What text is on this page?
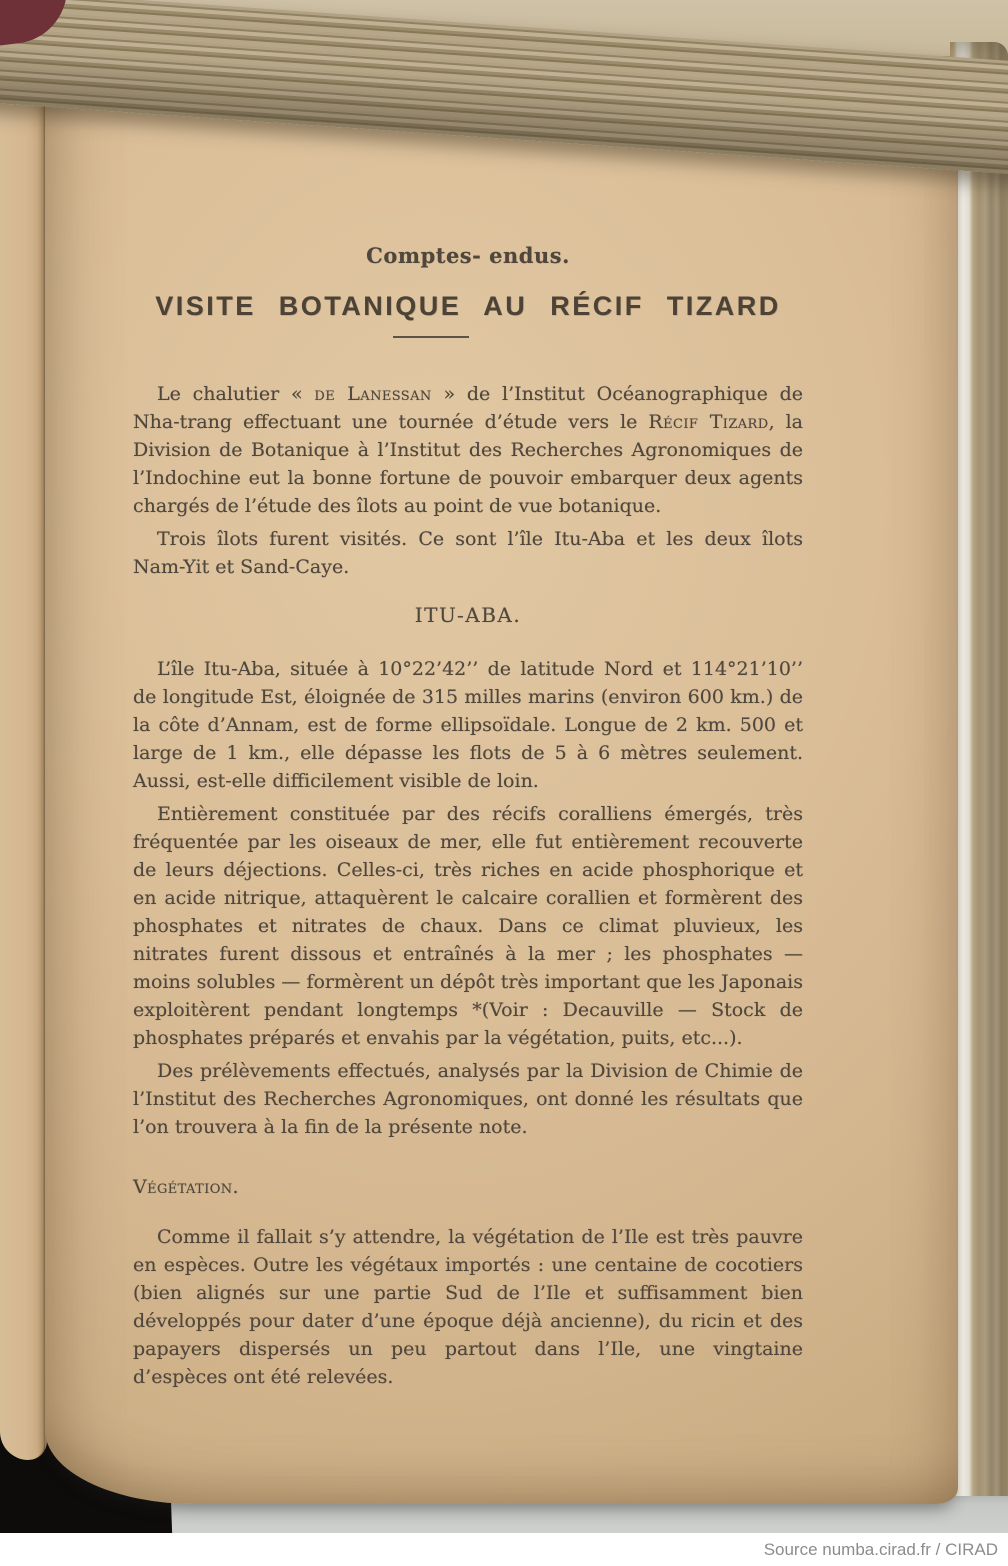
Comptes- endus.
VISITE BOTANIQUE AU RÉCIF TIZARD

Le chalutier « de Lanessan » de l’Institut Océanographique de Nha-trang effectuant une tournée d’étude vers le Récif Tizard, la Division de Botanique à l’Institut des Recherches Agronomiques de l’Indochine eut la bonne fortune de pouvoir embarquer deux agents chargés de l’étude des îlots au point de vue botanique.

Trois îlots furent visités. Ce sont l’île Itu-Aba et les deux îlots Nam-Yit et Sand-Caye.

ITU-ABA.

L’île Itu-Aba, située à 10°22’42’’ de latitude Nord et 114°21’10’’ de longitude Est, éloignée de 315 milles marins (environ 600 km.) de la côte d’Annam, est de forme ellipsoïdale. Longue de 2 km. 500 et large de 1 km., elle dépasse les flots de 5 à 6 mètres seulement. Aussi, est-elle difficilement visible de loin.

Entièrement constituée par des récifs coralliens émergés, très fréquentée par les oiseaux de mer, elle fut entièrement recouverte de leurs déjections. Celles-ci, très riches en acide phosphorique et en acide nitrique, attaquèrent le calcaire corallien et formèrent des phosphates et nitrates de chaux. Dans ce climat pluvieux, les nitrates furent dissous et entraînés à la mer ; les phosphates — moins solubles — formèrent un dépôt très important que les Japonais exploitèrent pendant longtemps *(Voir : Decauville — Stock de phosphates préparés et envahis par la végétation, puits, etc...).

Des prélèvements effectués, analysés par la Division de Chimie de l’Institut des Recherches Agronomiques, ont donné les résultats que l’on trouvera à la fin de la présente note.

Végétation.

Comme il fallait s’y attendre, la végétation de l’Ile est très pauvre en espèces. Outre les végétaux importés : une centaine de cocotiers (bien alignés sur une partie Sud de l’Ile et suffisamment bien développés pour dater d’une époque déjà ancienne), du ricin et des papayers dispersés un peu partout dans l’Ile, une vingtaine d’espèces ont été relevées.

Source numba.cirad.fr / CIRAD
